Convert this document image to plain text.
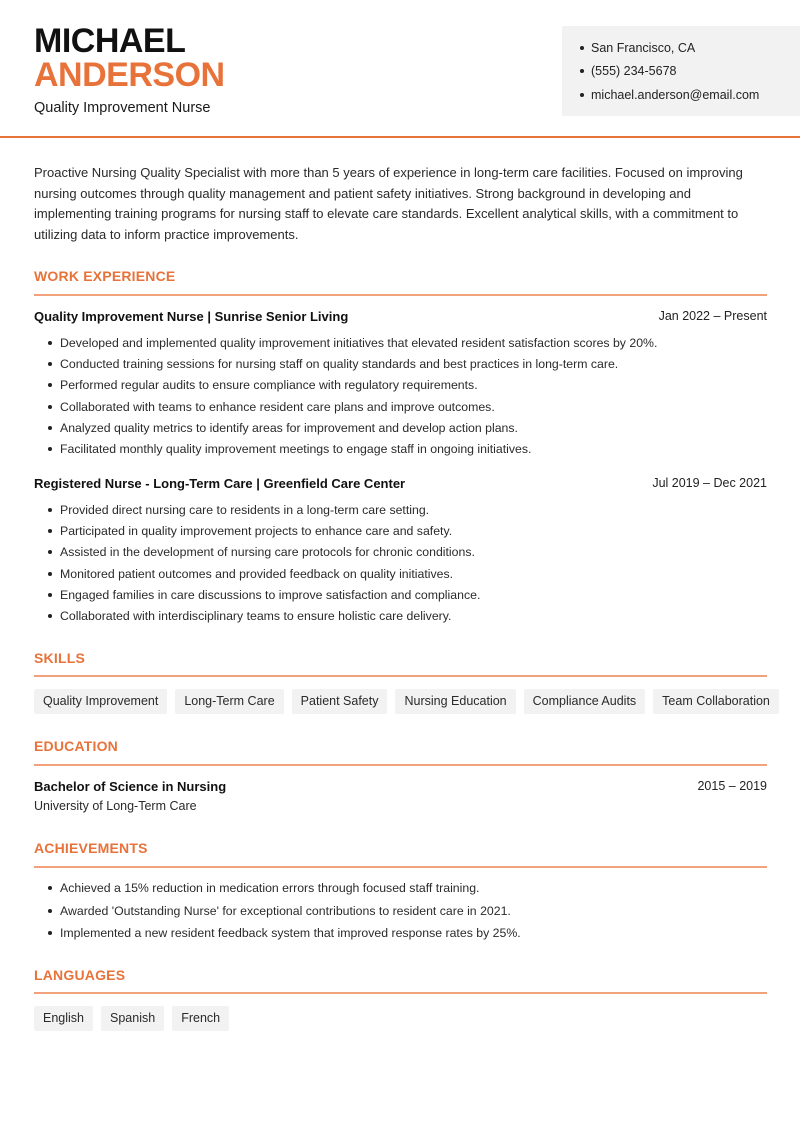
MICHAEL
ANDERSON
Quality Improvement Nurse
San Francisco, CA
(555) 234-5678
michael.anderson@email.com

Proactive Nursing Quality Specialist with more than 5 years of experience in long-term care facilities. Focused on improving nursing outcomes through quality management and patient safety initiatives. Strong background in developing and implementing training programs for nursing staff to elevate care standards. Excellent analytical skills, with a commitment to utilizing data to inform practice improvements.

WORK EXPERIENCE
Quality Improvement Nurse | Sunrise Senior Living	Jan 2022 – Present
Developed and implemented quality improvement initiatives that elevated resident satisfaction scores by 20%.
Conducted training sessions for nursing staff on quality standards and best practices in long-term care.
Performed regular audits to ensure compliance with regulatory requirements.
Collaborated with teams to enhance resident care plans and improve outcomes.
Analyzed quality metrics to identify areas for improvement and develop action plans.
Facilitated monthly quality improvement meetings to engage staff in ongoing initiatives.
Registered Nurse - Long-Term Care | Greenfield Care Center	Jul 2019 – Dec 2021
Provided direct nursing care to residents in a long-term care setting.
Participated in quality improvement projects to enhance care and safety.
Assisted in the development of nursing care protocols for chronic conditions.
Monitored patient outcomes and provided feedback on quality initiatives.
Engaged families in care discussions to improve satisfaction and compliance.
Collaborated with interdisciplinary teams to ensure holistic care delivery.
SKILLS
Quality Improvement	Long-Term Care	Patient Safety	Nursing Education	Compliance Audits	Team Collaboration
EDUCATION
Bachelor of Science in Nursing	2015 – 2019
University of Long-Term Care
ACHIEVEMENTS
Achieved a 15% reduction in medication errors through focused staff training.
Awarded 'Outstanding Nurse' for exceptional contributions to resident care in 2021.
Implemented a new resident feedback system that improved response rates by 25%.
LANGUAGES
English	Spanish	French
